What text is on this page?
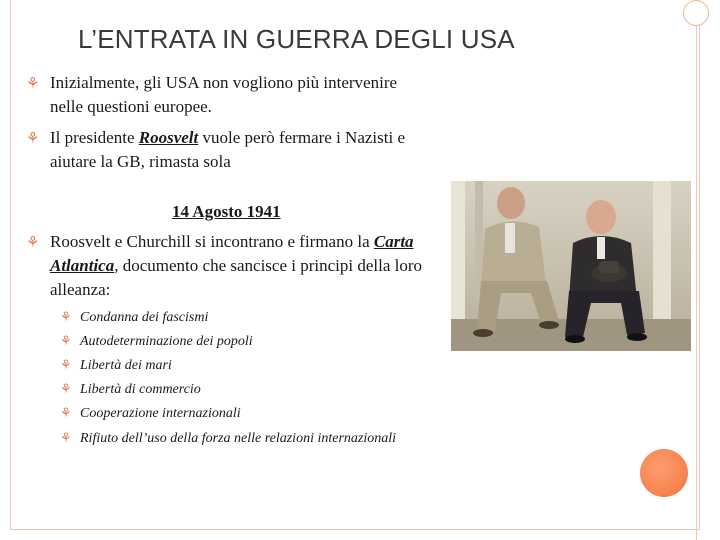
L’ENTRATA IN GUERRA DEGLI USA
⚘ Inizialmente, gli USA non vogliono più intervenire nelle questioni europee.
⚘ Il presidente Roosvelt vuole però fermare i Nazisti e aiutare la GB, rimasta sola
14 Agosto 1941
⚘ Roosvelt e Churchill si incontrano e firmano la Carta Atlantica, documento che sancisce i principi della loro alleanza:
⚘ Condanna dei fascismi
⚘ Autodeterminazione dei popoli
⚘ Libertà dei mari
⚘ Libertà di commercio
⚘ Cooperazione internazionali
⚘ Rifiuto dell’uso della forza nelle relazioni internazionali
